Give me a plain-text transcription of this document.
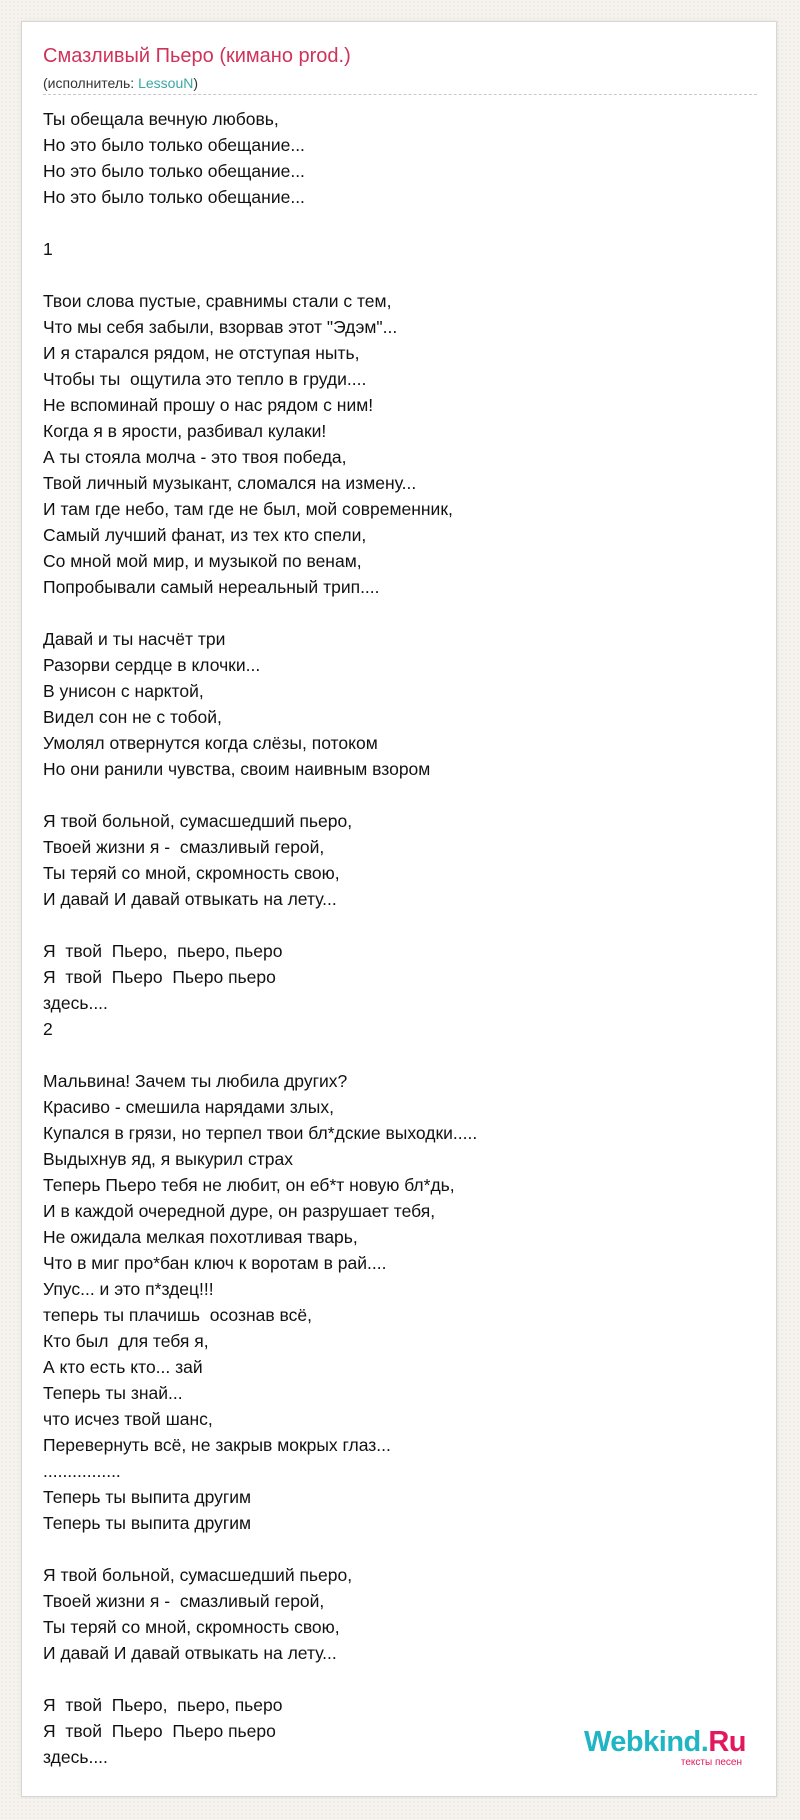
Смазливый Пьеро (кимано prod.)
(исполнитель: LessouN)
Ты обещала вечную любовь,
Но это было только обещание...
Но это было только обещание...
Но это было только обещание...
1
Твои слова пустые, сравнимы стали с тем,
Что мы себя забыли, взорвав этот "Эдэм"...
И я старался рядом, не отступая ныть,
Чтобы ты  ощутила это тепло в груди....
Не вспоминай прошу о нас рядом с ним!
Когда я в ярости, разбивал кулаки!
А ты стояла молча - это твоя победа,
Твой личный музыкант, сломался на измену...
И там где небо, там где не был, мой современник,
Самый лучший фанат, из тех кто спели,
Со мной мой мир, и музыкой по венам,
Попробывали самый нереальный трип....
Давай и ты насчёт три
Разорви сердце в клочки...
В унисон с нарктой,
Видел сон не с тобой,
Умолял отвернутся когда слёзы, потоком
Но они ранили чувства, своим наивным взором
Я твой больной, сумасшедший пьеро,
Твоей жизни я -  смазливый герой,
Ты теряй со мной, скромность свою,
И давай И давай отвыкать на лету...
Я  твой  Пьеро,  пьеро, пьеро
Я  твой  Пьеро  Пьеро пьеро
здесь....
2
Мальвина! Зачем ты любила других?
Красиво - смешила нарядами злых,
Купался в грязи, но терпел твои бл*дские выходки.....
Выдыхнув яд, я выкурил страх
Теперь Пьеро тебя не любит, он еб*т новую бл*дь,
И в каждой очередной дуре, он разрушает тебя,
Не ожидала мелкая похотливая тварь,
Что в миг про*бан ключ к воротам в рай....
Упус... и это п*здец!!!
теперь ты плачишь  осознав всё,
Кто был  для тебя я,
А кто есть кто... зай
Теперь ты знай...
что исчез твой шанс,
Перевернуть всё, не закрыв мокрых глаз...
................
Теперь ты выпита другим
Теперь ты выпита другим
Я твой больной, сумасшедший пьеро,
Твоей жизни я -  смазливый герой,
Ты теряй со мной, скромность свою,
И давай И давай отвыкать на лету...
Я  твой  Пьеро,  пьеро, пьеро
Я  твой  Пьеро  Пьеро пьеро
здесь....	Webkind.Ru
тексты песен
